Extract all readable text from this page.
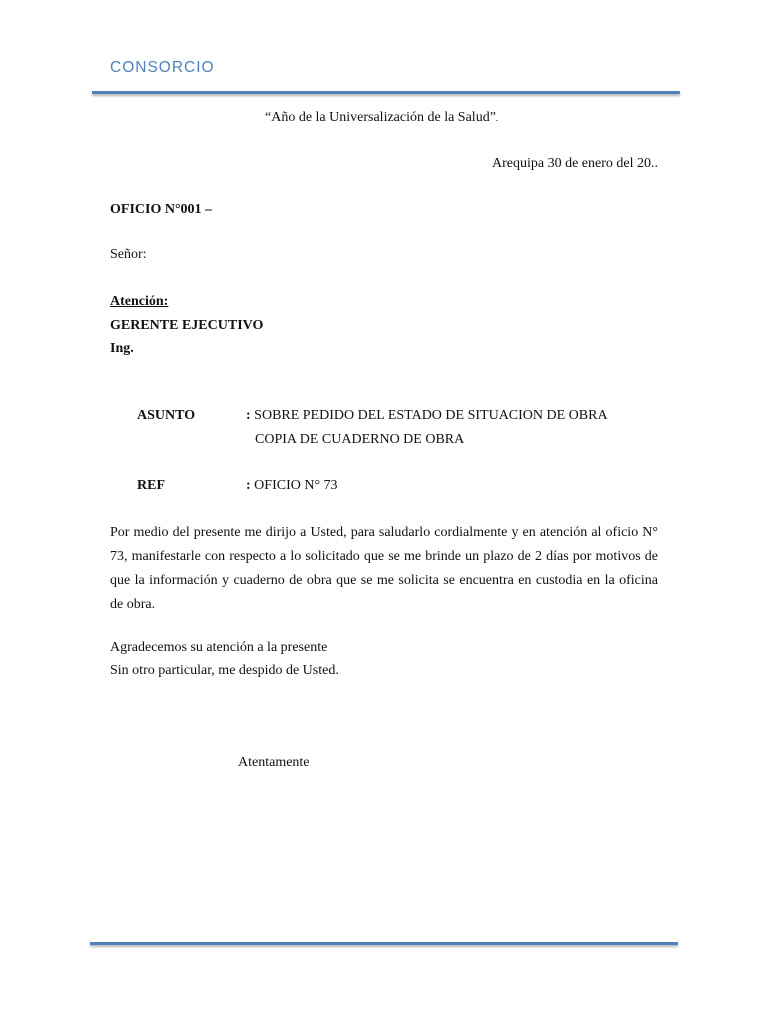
CONSORCIO
“Año de la Universalización de la Salud”.
Arequipa 30 de enero del 20..
OFICIO N°001 –
Señor:
Atención:
GERENTE EJECUTIVO
Ing.
ASUNTO	: SOBRE PEDIDO DEL ESTADO DE SITUACION DE OBRA
COPIA DE CUADERNO DE OBRA
REF	: OFICIO N° 73
Por medio del presente me dirijo a Usted, para saludarlo cordialmente y en atención al oficio N°
73, manifestarle con respecto a lo solicitado que se me brinde un plazo de 2 días por motivos de
que la información y cuaderno de obra que se me solicita se encuentra en custodia en la oficina
de obra.
Agradecemos su atención a la presente
Sin otro particular, me despido de Usted.
Atentamente
